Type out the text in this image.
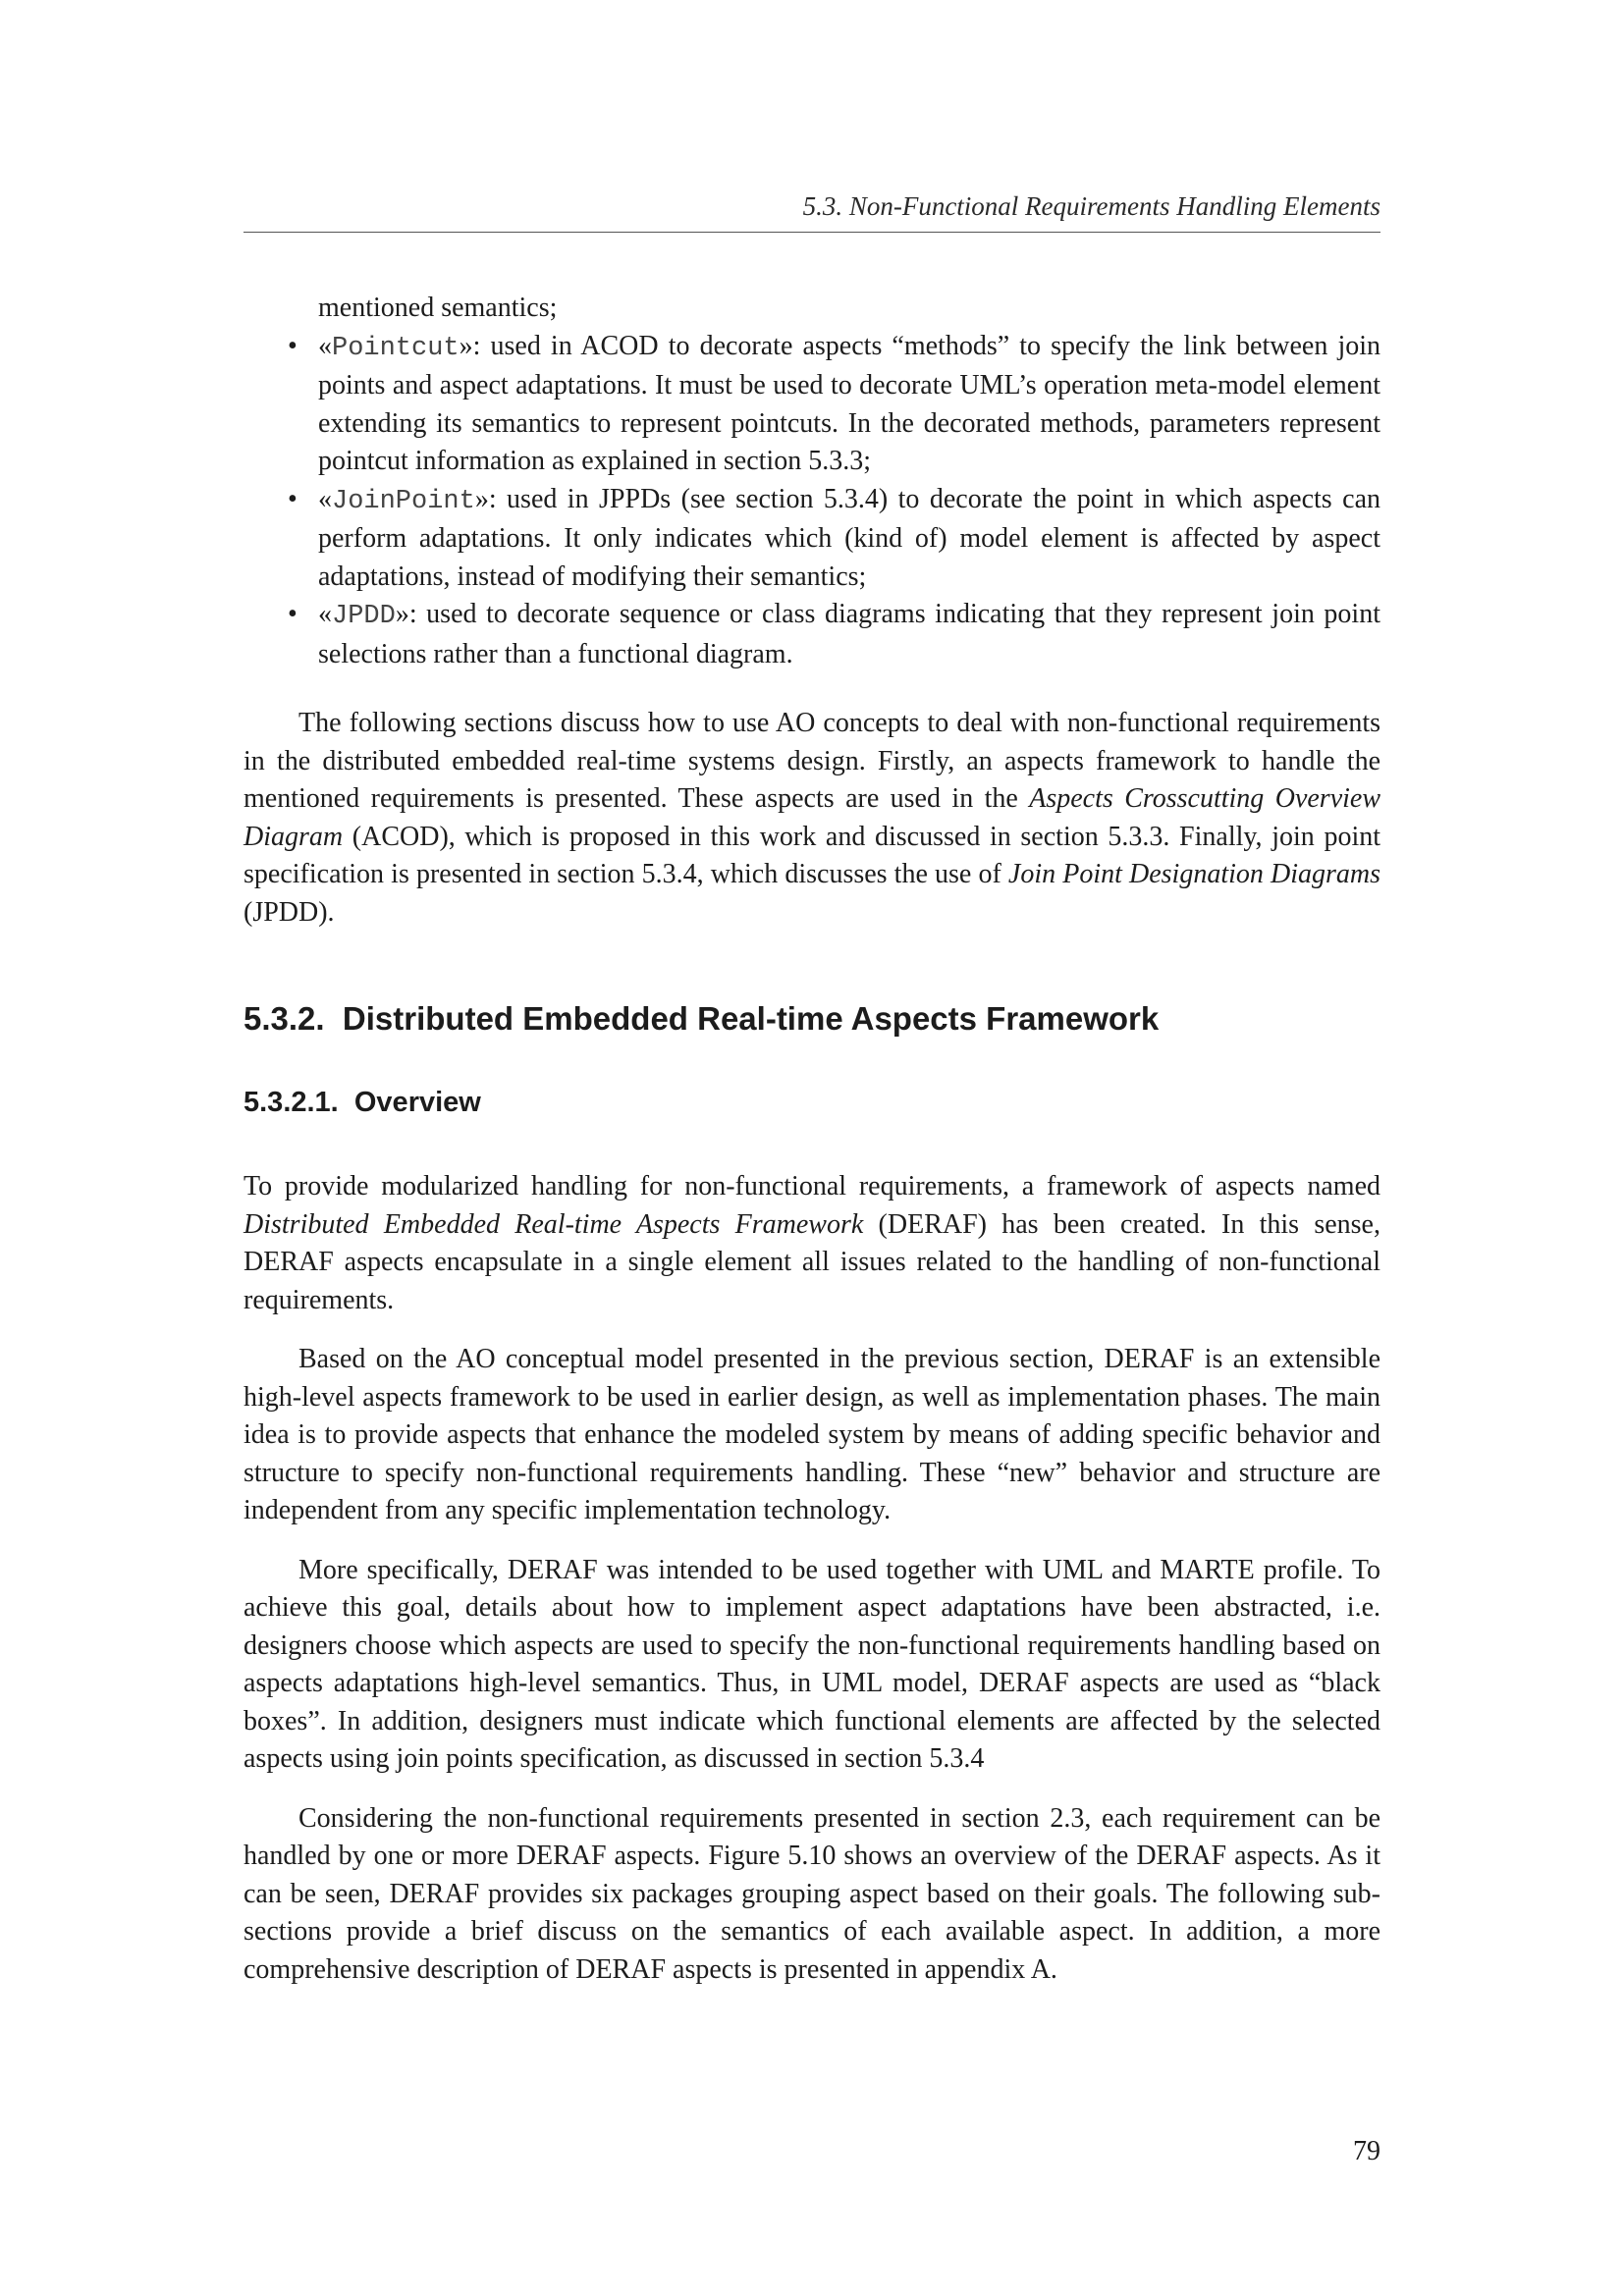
5.3. Non-Functional Requirements Handling Elements

mentioned semantics;

• «Pointcut»: used in ACOD to decorate aspects “methods” to specify the link between join points and aspect adaptations. It must be used to decorate UML’s operation meta-model element extending its semantics to represent pointcuts. In the decorated methods, parameters represent pointcut information as explained in section 5.3.3;
• «JoinPoint»: used in JPPDs (see section 5.3.4) to decorate the point in which aspects can perform adaptations. It only indicates which (kind of) model element is affected by aspect adaptations, instead of modifying their semantics;
• «JPDD»: used to decorate sequence or class diagrams indicating that they represent join point selections rather than a functional diagram.

The following sections discuss how to use AO concepts to deal with non-functional requirements in the distributed embedded real-time systems design. Firstly, an aspects framework to handle the mentioned requirements is presented. These aspects are used in the Aspects Crosscutting Overview Diagram (ACOD), which is proposed in this work and discussed in section 5.3.3. Finally, join point specification is presented in section 5.3.4, which discusses the use of Join Point Designation Diagrams (JPDD).

5.3.2. Distributed Embedded Real-time Aspects Framework
5.3.2.1. Overview

To provide modularized handling for non-functional requirements, a framework of aspects named Distributed Embedded Real-time Aspects Framework (DERAF) has been created. In this sense, DERAF aspects encapsulate in a single element all issues related to the handling of non-functional requirements.

Based on the AO conceptual model presented in the previous section, DERAF is an extensible high-level aspects framework to be used in earlier design, as well as implementation phases. The main idea is to provide aspects that enhance the modeled system by means of adding specific behavior and structure to specify non-functional requirements handling. These “new” behavior and structure are independent from any specific implementation technology.

More specifically, DERAF was intended to be used together with UML and MARTE profile. To achieve this goal, details about how to implement aspect adaptations have been abstracted, i.e. designers choose which aspects are used to specify the non-functional requirements handling based on aspects adaptations high-level semantics. Thus, in UML model, DERAF aspects are used as “black boxes”. In addition, designers must indicate which functional elements are affected by the selected aspects using join points specification, as discussed in section 5.3.4

Considering the non-functional requirements presented in section 2.3, each requirement can be handled by one or more DERAF aspects. Figure 5.10 shows an overview of the DERAF aspects. As it can be seen, DERAF provides six packages grouping aspect based on their goals. The following sub-sections provide a brief discuss on the semantics of each available aspect. In addition, a more comprehensive description of DERAF aspects is presented in appendix A.

79
